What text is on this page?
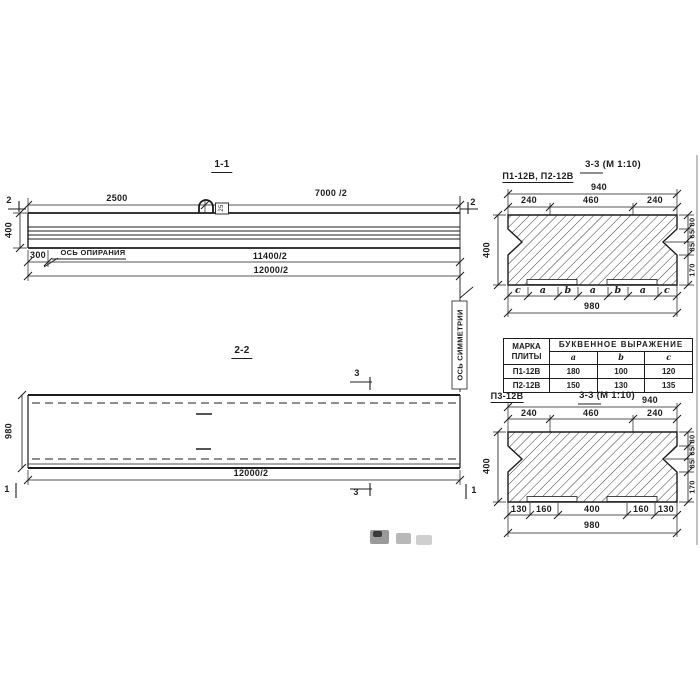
1-1
2500	7000 /2
2	2
400
300 ОСЬ ОПИРАНИЯ	11400/2
12000/2
25
ОСЬ СИММЕТРИИ
2-2
3
980
12000/2
3
1	1
3-3 (М 1:10)
П1-12В, П2-12В
940
240	460	240
400
80
65
85
170
c a b a b a c
980
МАРКА
ПЛИТЫ	БУКВЕННОЕ ВЫРАЖЕНИЕ		
	a	b	c
П1-12В	180	100	120
П2-12В	150	130	135
П3-12В	3-3 (М 1:10) 940
240	460	240
400
80
65
85
170
130 160	400	160 130
980
